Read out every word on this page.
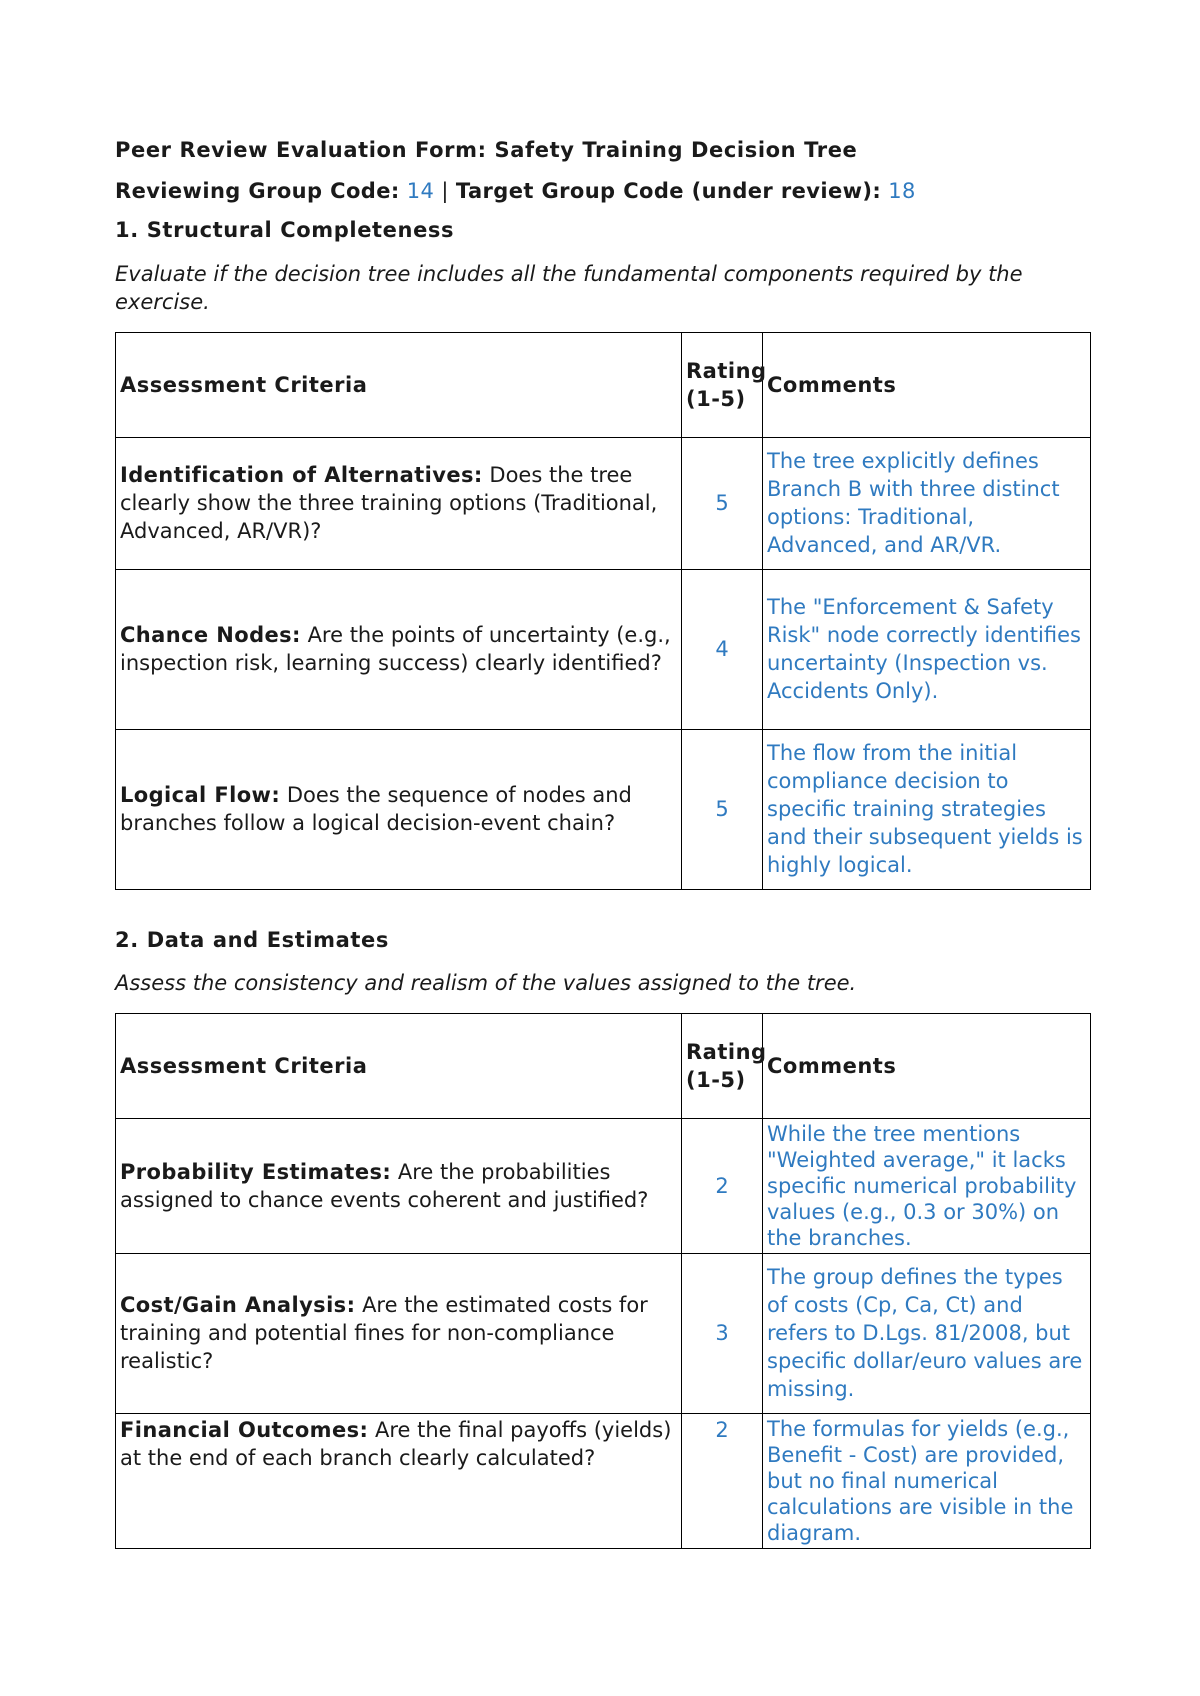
Peer Review Evaluation Form: Safety Training Decision Tree
Reviewing Group Code: 14 | Target Group Code (under review): 18
1. Structural Completeness
Evaluate if the decision tree includes all the fundamental components required by the exercise.
Assessment Criteria	Rating (1-5)	Comments
Identification of Alternatives: Does the tree clearly show the three training options (Traditional, Advanced, AR/VR)?	5	The tree explicitly defines Branch B with three distinct options: Traditional, Advanced, and AR/VR.
Chance Nodes: Are the points of uncertainty (e.g., inspection risk, learning success) clearly identified?	4	The "Enforcement & Safety Risk" node correctly identifies uncertainty (Inspection vs. Accidents Only).
Logical Flow: Does the sequence of nodes and branches follow a logical decision-event chain?	5	The flow from the initial compliance decision to specific training strategies and their subsequent yields is highly logical.
2. Data and Estimates
Assess the consistency and realism of the values assigned to the tree.
Assessment Criteria	Rating (1-5)	Comments
Probability Estimates: Are the probabilities assigned to chance events coherent and justified?	2	While the tree mentions "Weighted average," it lacks specific numerical probability values (e.g., 0.3 or 30%) on the branches.
Cost/Gain Analysis: Are the estimated costs for training and potential fines for non-compliance realistic?	3	The group defines the types of costs (Cp, Ca, Ct) and refers to D.Lgs. 81/2008, but specific dollar/euro values are missing.
Financial Outcomes: Are the final payoffs (yields) at the end of each branch clearly calculated?	2	The formulas for yields (e.g., Benefit - Cost) are provided, but no final numerical calculations are visible in the diagram.
